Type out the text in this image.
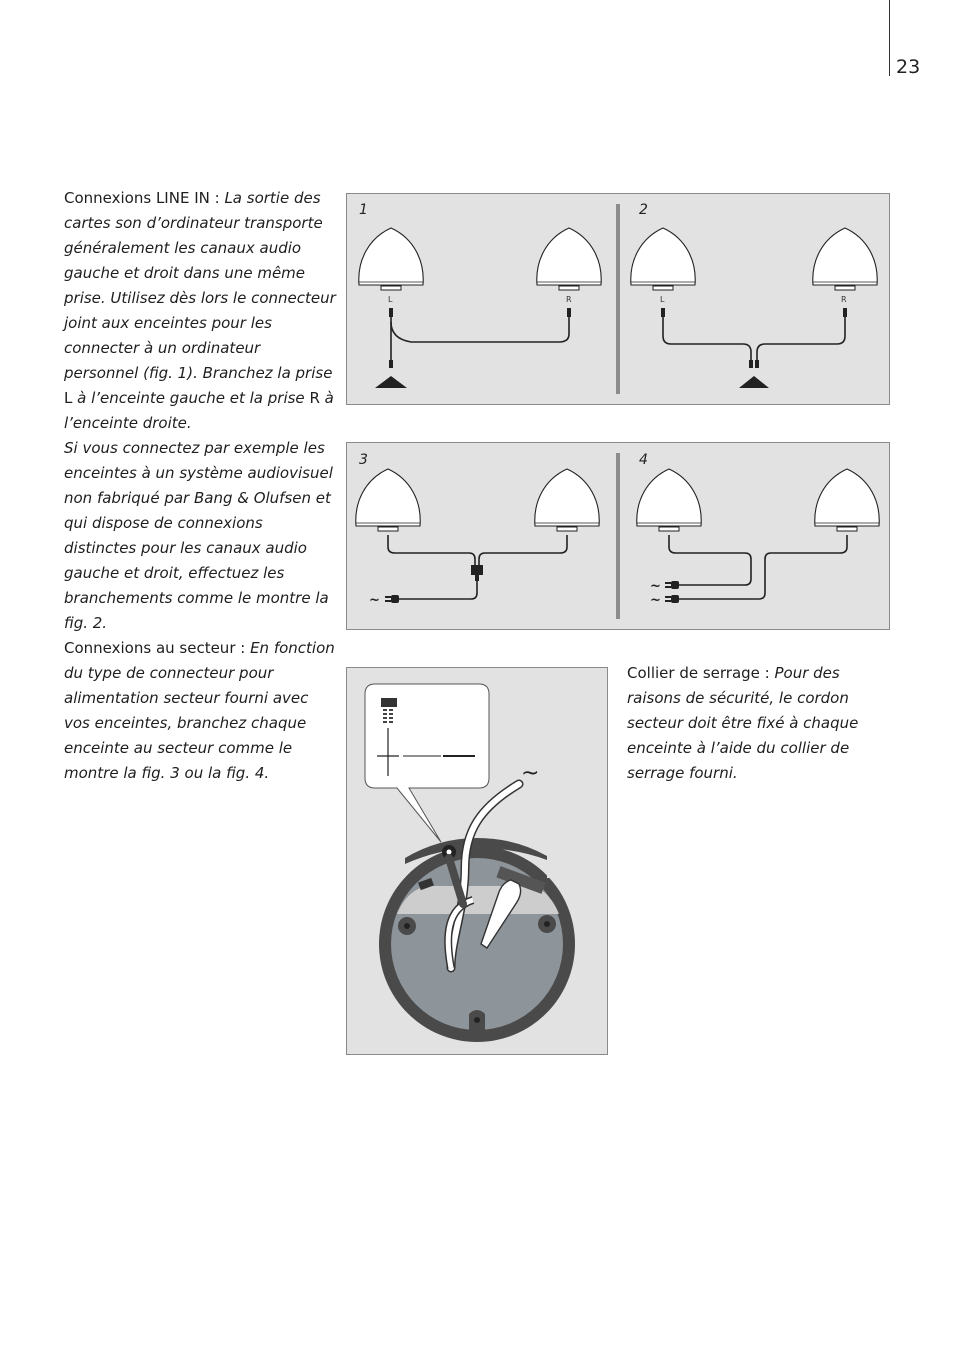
23
Connexions LINE IN : La sortie des cartes son d’ordinateur transporte généralement les canaux audio gauche et droit dans une même prise. Utilisez dès lors le connecteur joint aux enceintes pour les connecter à un ordinateur personnel (fig. 1). Branchez la prise L à l’enceinte gauche et la prise R à l’enceinte droite.
Si vous connectez par exemple les enceintes à un système audiovisuel non fabriqué par Bang & Olufsen et qui dispose de connexions distinctes pour les canaux audio gauche et droit, effectuez les branchements comme le montre la fig. 2.
Connexions au secteur : En fonction du type de connecteur pour alimentation secteur fourni avec vos enceintes, branchez chaque enceinte au secteur comme le montre la fig. 3 ou la fig. 4.
Collier de serrage : Pour des raisons de sécurité, le cordon secteur doit être fixé à chaque enceinte à l’aide du collier de serrage fourni.
1	2
L	R	L	R
3	4
~
~
~
~
